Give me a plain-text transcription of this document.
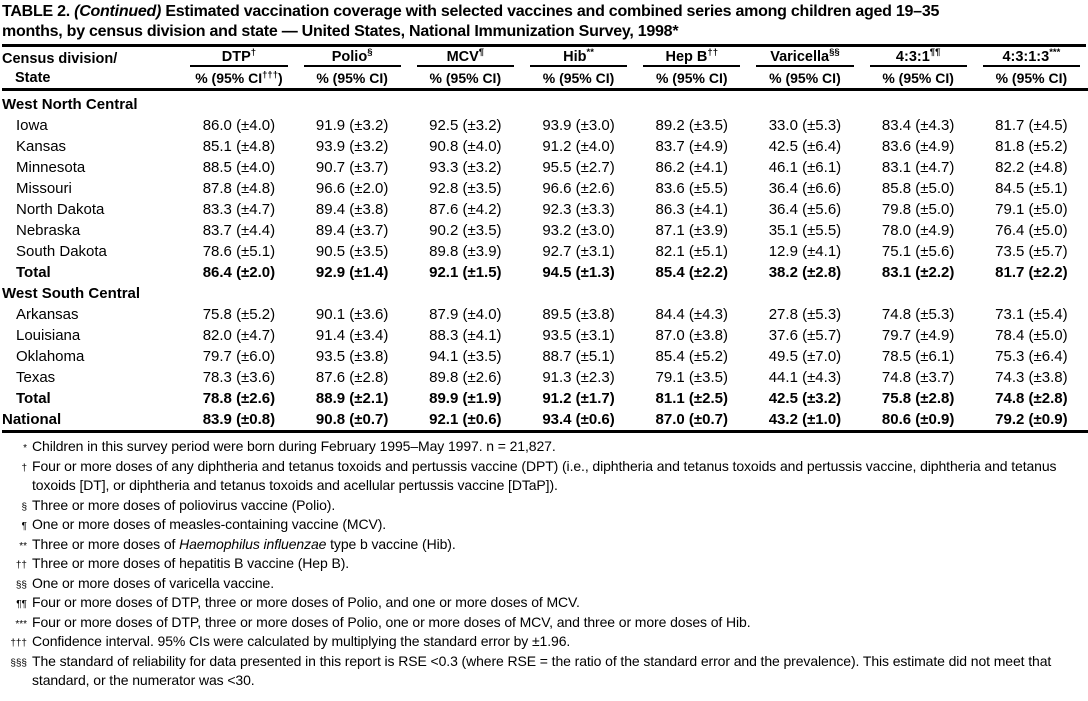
TABLE 2. (Continued) Estimated vaccination coverage with selected vaccines and combined series among children aged 19–35
months, by census division and state — United States, National Immunization Survey, 1998*
Census division/	DTP†	Polio§	MCV¶	Hib**	Hep B††	Varicella§§	4:3:1¶¶	4:3:1:3***

State	% (95% CI†††)	% (95% CI)	% (95% CI)	% (95% CI)	% (95% CI)	% (95% CI)	% (95% CI)	% (95% CI)
West North Central								
Iowa	86.0 (±4.0)	91.9 (±3.2)	92.5 (±3.2)	93.9 (±3.0)	89.2 (±3.5)	33.0 (±5.3)	83.4 (±4.3)	81.7 (±4.5)
Kansas	85.1 (±4.8)	93.9 (±3.2)	90.8 (±4.0)	91.2 (±4.0)	83.7 (±4.9)	42.5 (±6.4)	83.6 (±4.9)	81.8 (±5.2)
Minnesota	88.5 (±4.0)	90.7 (±3.7)	93.3 (±3.2)	95.5 (±2.7)	86.2 (±4.1)	46.1 (±6.1)	83.1 (±4.7)	82.2 (±4.8)
Missouri	87.8 (±4.8)	96.6 (±2.0)	92.8 (±3.5)	96.6 (±2.6)	83.6 (±5.5)	36.4 (±6.6)	85.8 (±5.0)	84.5 (±5.1)
North Dakota	83.3 (±4.7)	89.4 (±3.8)	87.6 (±4.2)	92.3 (±3.3)	86.3 (±4.1)	36.4 (±5.6)	79.8 (±5.0)	79.1 (±5.0)
Nebraska	83.7 (±4.4)	89.4 (±3.7)	90.2 (±3.5)	93.2 (±3.0)	87.1 (±3.9)	35.1 (±5.5)	78.0 (±4.9)	76.4 (±5.0)
South Dakota	78.6 (±5.1)	90.5 (±3.5)	89.8 (±3.9)	92.7 (±3.1)	82.1 (±5.1)	12.9 (±4.1)	75.1 (±5.6)	73.5 (±5.7)
Total	86.4 (±2.0)	92.9 (±1.4)	92.1 (±1.5)	94.5 (±1.3)	85.4 (±2.2)	38.2 (±2.8)	83.1 (±2.2)	81.7 (±2.2)
West South Central								
Arkansas	75.8 (±5.2)	90.1 (±3.6)	87.9 (±4.0)	89.5 (±3.8)	84.4 (±4.3)	27.8 (±5.3)	74.8 (±5.3)	73.1 (±5.4)
Louisiana	82.0 (±4.7)	91.4 (±3.4)	88.3 (±4.1)	93.5 (±3.1)	87.0 (±3.8)	37.6 (±5.7)	79.7 (±4.9)	78.4 (±5.0)
Oklahoma	79.7 (±6.0)	93.5 (±3.8)	94.1 (±3.5)	88.7 (±5.1)	85.4 (±5.2)	49.5 (±7.0)	78.5 (±6.1)	75.3 (±6.4)
Texas	78.3 (±3.6)	87.6 (±2.8)	89.8 (±2.6)	91.3 (±2.3)	79.1 (±3.5)	44.1 (±4.3)	74.8 (±3.7)	74.3 (±3.8)
Total	78.8 (±2.6)	88.9 (±2.1)	89.9 (±1.9)	91.2 (±1.7)	81.1 (±2.5)	42.5 (±3.2)	75.8 (±2.8)	74.8 (±2.8)
National	83.9 (±0.8)	90.8 (±0.7)	92.1 (±0.6)	93.4 (±0.6)	87.0 (±0.7)	43.2 (±1.0)	80.6 (±0.9)	79.2 (±0.9)
* Children in this survey period were born during February 1995–May 1997. n = 21,827.
† Four or more doses of any diphtheria and tetanus toxoids and pertussis vaccine (DPT) (i.e., diphtheria and tetanus toxoids and pertussis vaccine, diphtheria and tetanus toxoids [DT], or diphtheria and tetanus toxoids and acellular pertussis vaccine [DTaP]).
§ Three or more doses of poliovirus vaccine (Polio).
¶ One or more doses of measles-containing vaccine (MCV).
** Three or more doses of Haemophilus influenzae type b vaccine (Hib).
†† Three or more doses of hepatitis B vaccine (Hep B).
§§ One or more doses of varicella vaccine.
¶¶ Four or more doses of DTP, three or more doses of Polio, and one or more doses of MCV.
*** Four or more doses of DTP, three or more doses of Polio, one or more doses of MCV, and three or more doses of Hib.
††† Confidence interval. 95% CIs were calculated by multiplying the standard error by ±1.96.
§§§ The standard of reliability for data presented in this report is RSE <0.3 (where RSE = the ratio of the standard error and the prevalence). This estimate did not meet that standard, or the numerator was <30.
